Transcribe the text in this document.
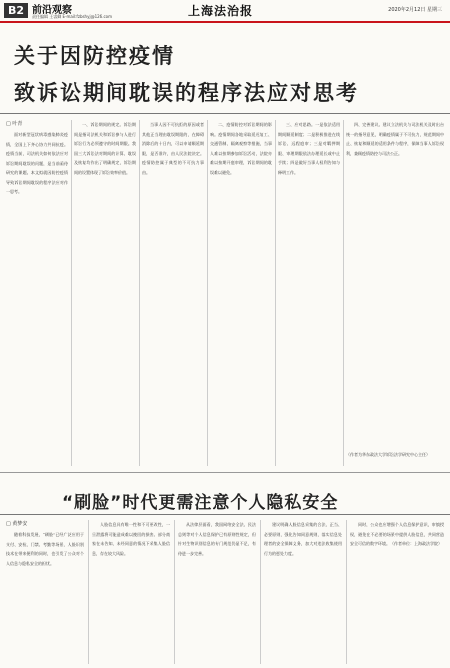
B2 前沿观察
责任编辑 王睿卿 E-mail:fzbshyj@126.com	上海法治报	2020年2月12日 星期三
关于因防控疫情
致诉讼期间耽误的程序法应对思考
□ 叶青

面对新型冠状病毒感染肺炎疫情，全国上下齐心协力共同抗疫。疫情当前，司法机关如何依法应对诉讼期间耽误的问题，是当前亟待研究的课题。本文拟就因防控疫情导致诉讼期间耽误的程序法应对作一思考。

一、诉讼期间的规定。诉讼期间是指司法机关和诉讼参与人进行诉讼行为必须遵守的时间期限。我国三大诉讼法对期间的计算、耽误及恢复均作出了明确规定，诉讼期间的设置体现了诉讼效率价值。

当事人因不可抗拒的原因或者其他正当理由耽误期限的，在障碍消除后的十日内，可以申请顺延期限，是否准许，由人民法院决定。疫情防控属于典型的不可抗力事由。

二、疫情防控对诉讼期间的影响。疫情期间各地采取延迟复工、交通管制、隔离观察等措施，当事人难以按期参加诉讼活动，法院亦难以按期开庭审理，诉讼期间的耽误难以避免。

三、应对思路。一是依法适用期间顺延制度；二是积极推进在线诉讼、远程庭审；三是对羁押期限、审理期限依法办理延长或中止手续；四是做好当事人权利告知与释明工作。

四、完善建议。建议立法机关与司法机关及时出台统一的指导意见，明确疫情属于不可抗力，规范期间中止、恢复和顺延的适用条件与程序，保障当事人诉讼权利，兼顾疫情防控与司法公正。

（作者为华东政法大学诉讼法学研究中心主任）
“刷脸”时代更需注意个人隐私安全
□ 黄梦安

随着科技发展，“刷脸”已经广泛应用于支付、安检、门禁、考勤等场景，人脸识别技术在带来便利的同时，也引发了公众对个人信息与隐私安全的担忧。

人脸信息具有唯一性和不可更改性，一旦泄露将可能造成难以挽回的损害。部分商家在未告知、未经同意的情况下采集人脸信息，存在较大风险。

从法律层面看，我国网络安全法、民法总则等对个人信息保护已有原则性规定，但针对生物识别信息的专门规范仍显不足，有待进一步完善。

建议明确人脸信息采集的合法、正当、必要原则，强化告知同意规则，落实信息处理者的安全保障义务，加大对违法收集使用行为的惩处力度。

同时，公众也应增强个人信息保护意识，审慎授权，避免在不必要的场景中提供人脸信息，共同营造安全可信的数字环境。（作者单位：上海政法学院）
